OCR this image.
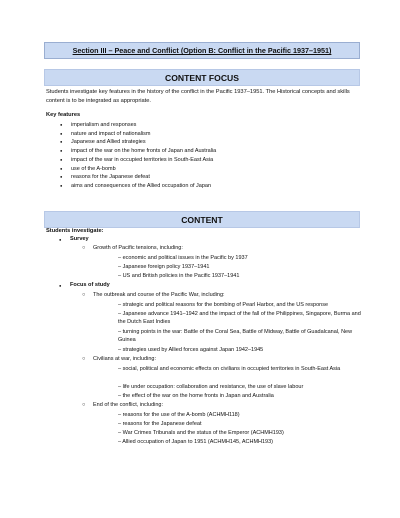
Section III – Peace and Conflict (Option B: Conflict in the Pacific 1937–1951)
CONTENT FOCUS
Students investigate key features in the history of the conflict in the Pacific 1937–1951. The Historical concepts and skills content is to be integrated as appropriate.
Key features
● imperialism and responses
● nature and impact of nationalism
● Japanese and Allied strategies
● impact of the war on the home fronts of Japan and Australia
● impact of the war in occupied territories in South-East Asia
● use of the A-bomb
● reasons for the Japanese defeat
● aims and consequences of the Allied occupation of Japan
CONTENT
Students investigate:
● Survey
○ Growth of Pacific tensions, including:
– economic and political issues in the Pacific by 1937
– Japanese foreign policy 1937–1941
– US and British policies in the Pacific 1937–1941
● Focus of study
○ The outbreak and course of the Pacific War, including:
– strategic and political reasons for the bombing of Pearl Harbor, and the US response
– Japanese advance 1941–1942 and the impact of the fall of the Philippines, Singapore, Burma and the Dutch East Indies
– turning points in the war: Battle of the Coral Sea, Battle of Midway, Battle of Guadalcanal, New Guinea
– strategies used by Allied forces against Japan 1942–1945
○ Civilians at war, including:
– social, political and economic effects on civilians in occupied territories in South-East Asia
– life under occupation: collaboration and resistance, the use of slave labour
– the effect of the war on the home fronts in Japan and Australia
○ End of the conflict, including:
– reasons for the use of the A-bomb (ACHMH118)
– reasons for the Japanese defeat
– War Crimes Tribunals and the status of the Emperor (ACHMH193)
– Allied occupation of Japan to 1951 (ACHMH145, ACHMH193)
